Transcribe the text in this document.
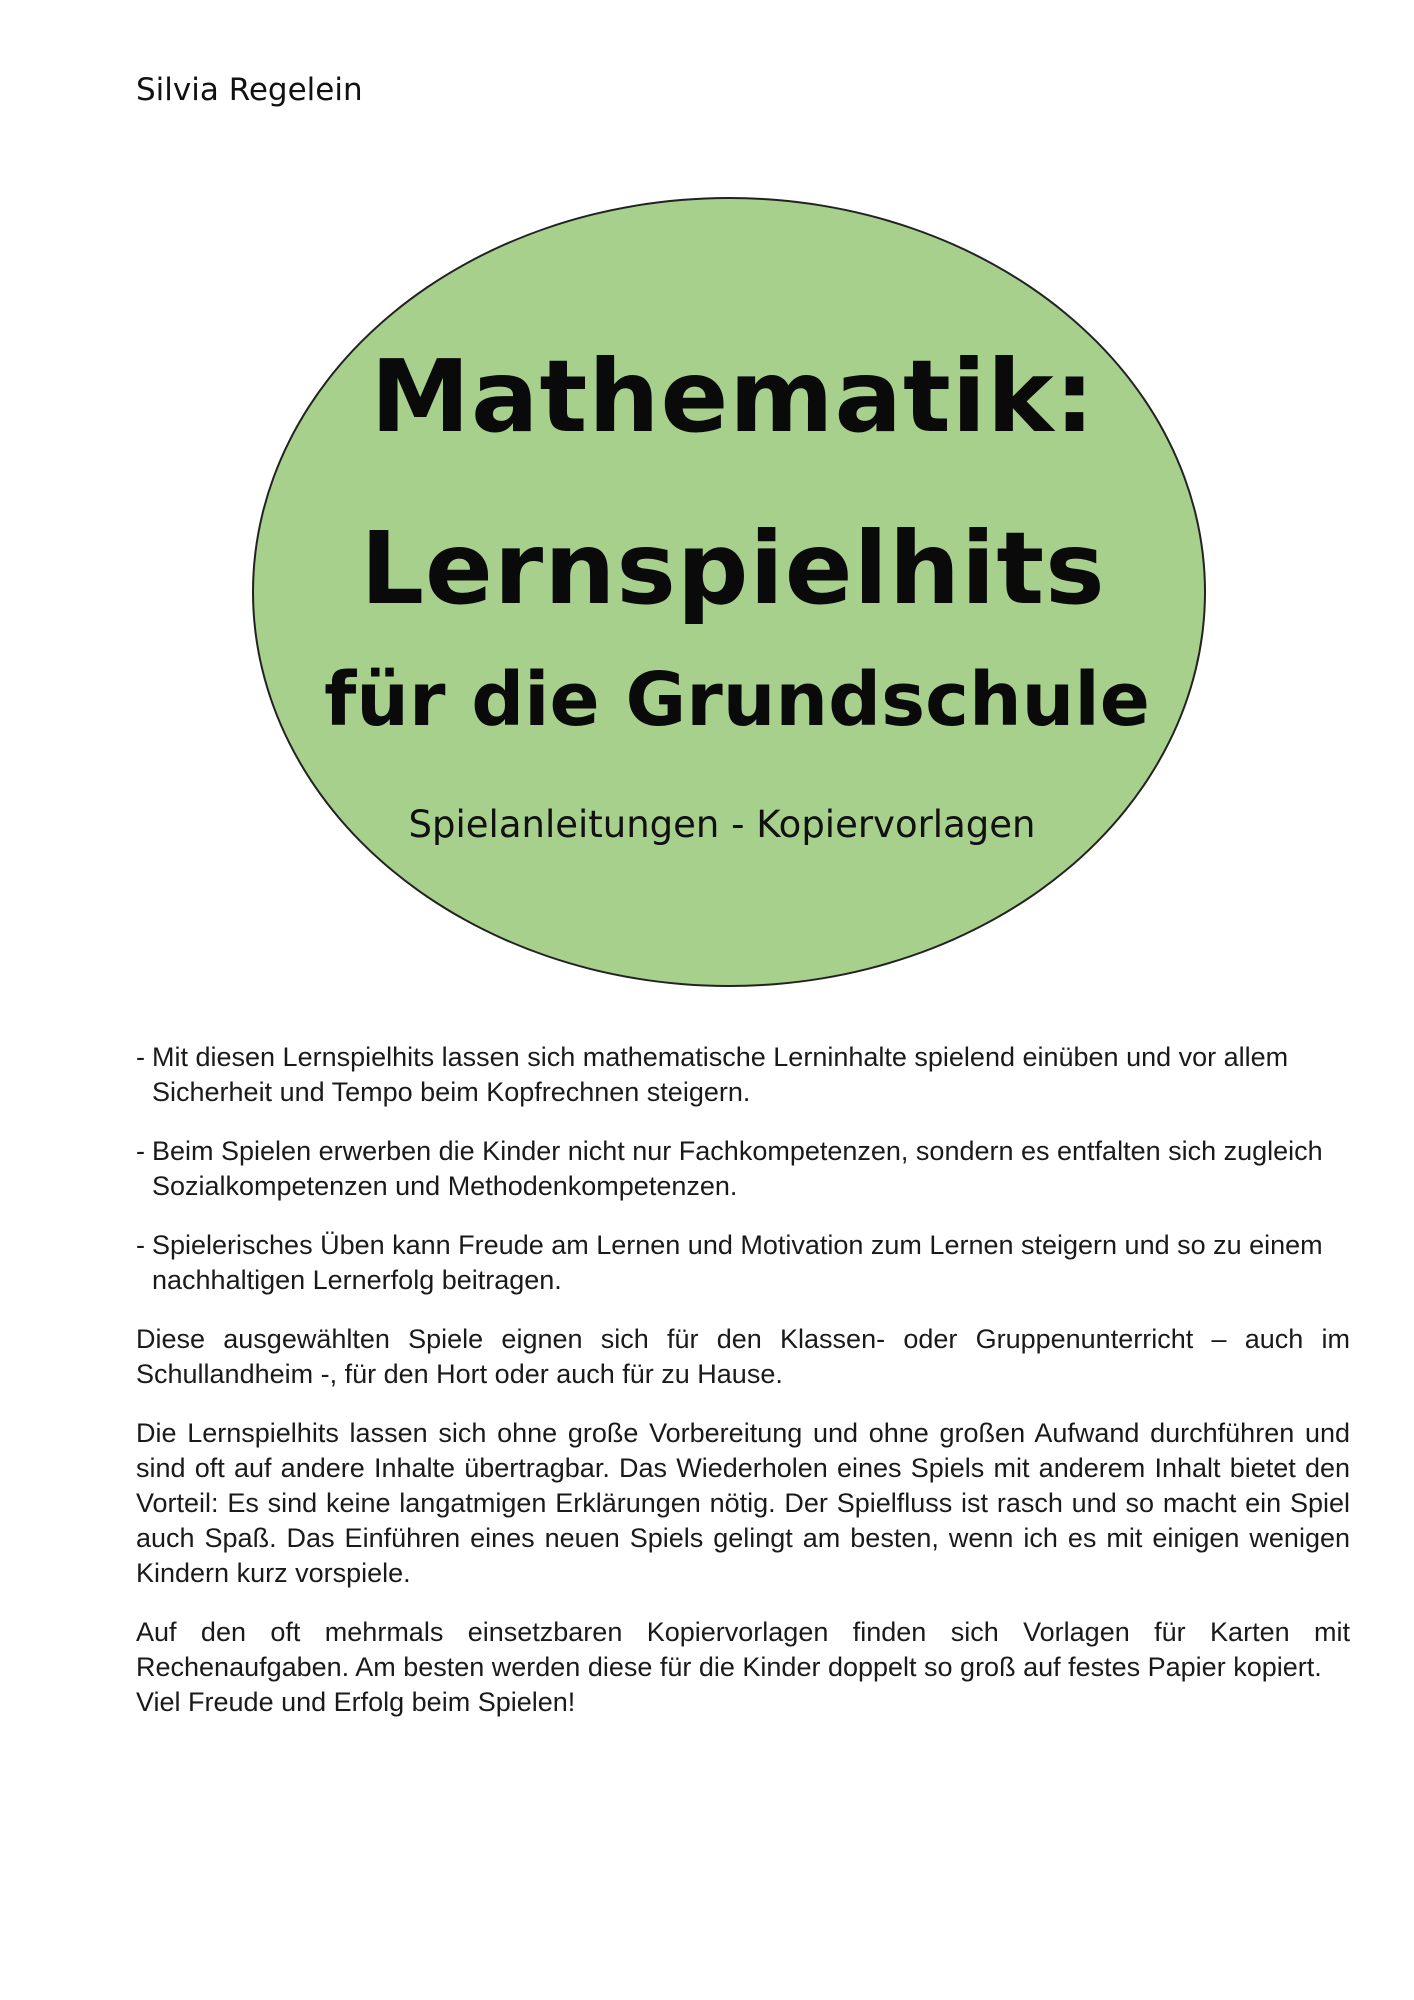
Silvia Regelein
Mathematik:
Lernspielhits
für die Grundschule
Spielanleitungen - Kopiervorlagen
- Mit diesen Lernspielhits lassen sich mathematische Lerninhalte spielend einüben und vor allem Sicherheit und Tempo beim Kopfrechnen steigern.
- Beim Spielen erwerben die Kinder nicht nur Fachkompetenzen, sondern es entfalten sich zugleich Sozialkompetenzen und Methodenkompetenzen.
- Spielerisches Üben kann Freude am Lernen und Motivation zum Lernen steigern und so zu einem nachhaltigen Lernerfolg beitragen.

Diese ausgewählten Spiele eignen sich für den Klassen- oder Gruppenunterricht – auch im Schullandheim -, für den Hort oder auch für zu Hause.

Die Lernspielhits lassen sich ohne große Vorbereitung und ohne großen Aufwand durchführen und sind oft auf andere Inhalte übertragbar. Das Wiederholen eines Spiels mit anderem Inhalt bietet den Vorteil: Es sind keine langatmigen Erklärungen nötig. Der Spielfluss ist rasch und so macht ein Spiel auch Spaß. Das Einführen eines neuen Spiels gelingt am besten, wenn ich es mit einigen wenigen Kindern kurz vorspiele.

Auf den oft mehrmals einsetzbaren Kopiervorlagen finden sich Vorlagen für Karten mit Rechenaufgaben. Am besten werden diese für die Kinder doppelt so groß auf festes Papier kopiert.

Viel Freude und Erfolg beim Spielen!
